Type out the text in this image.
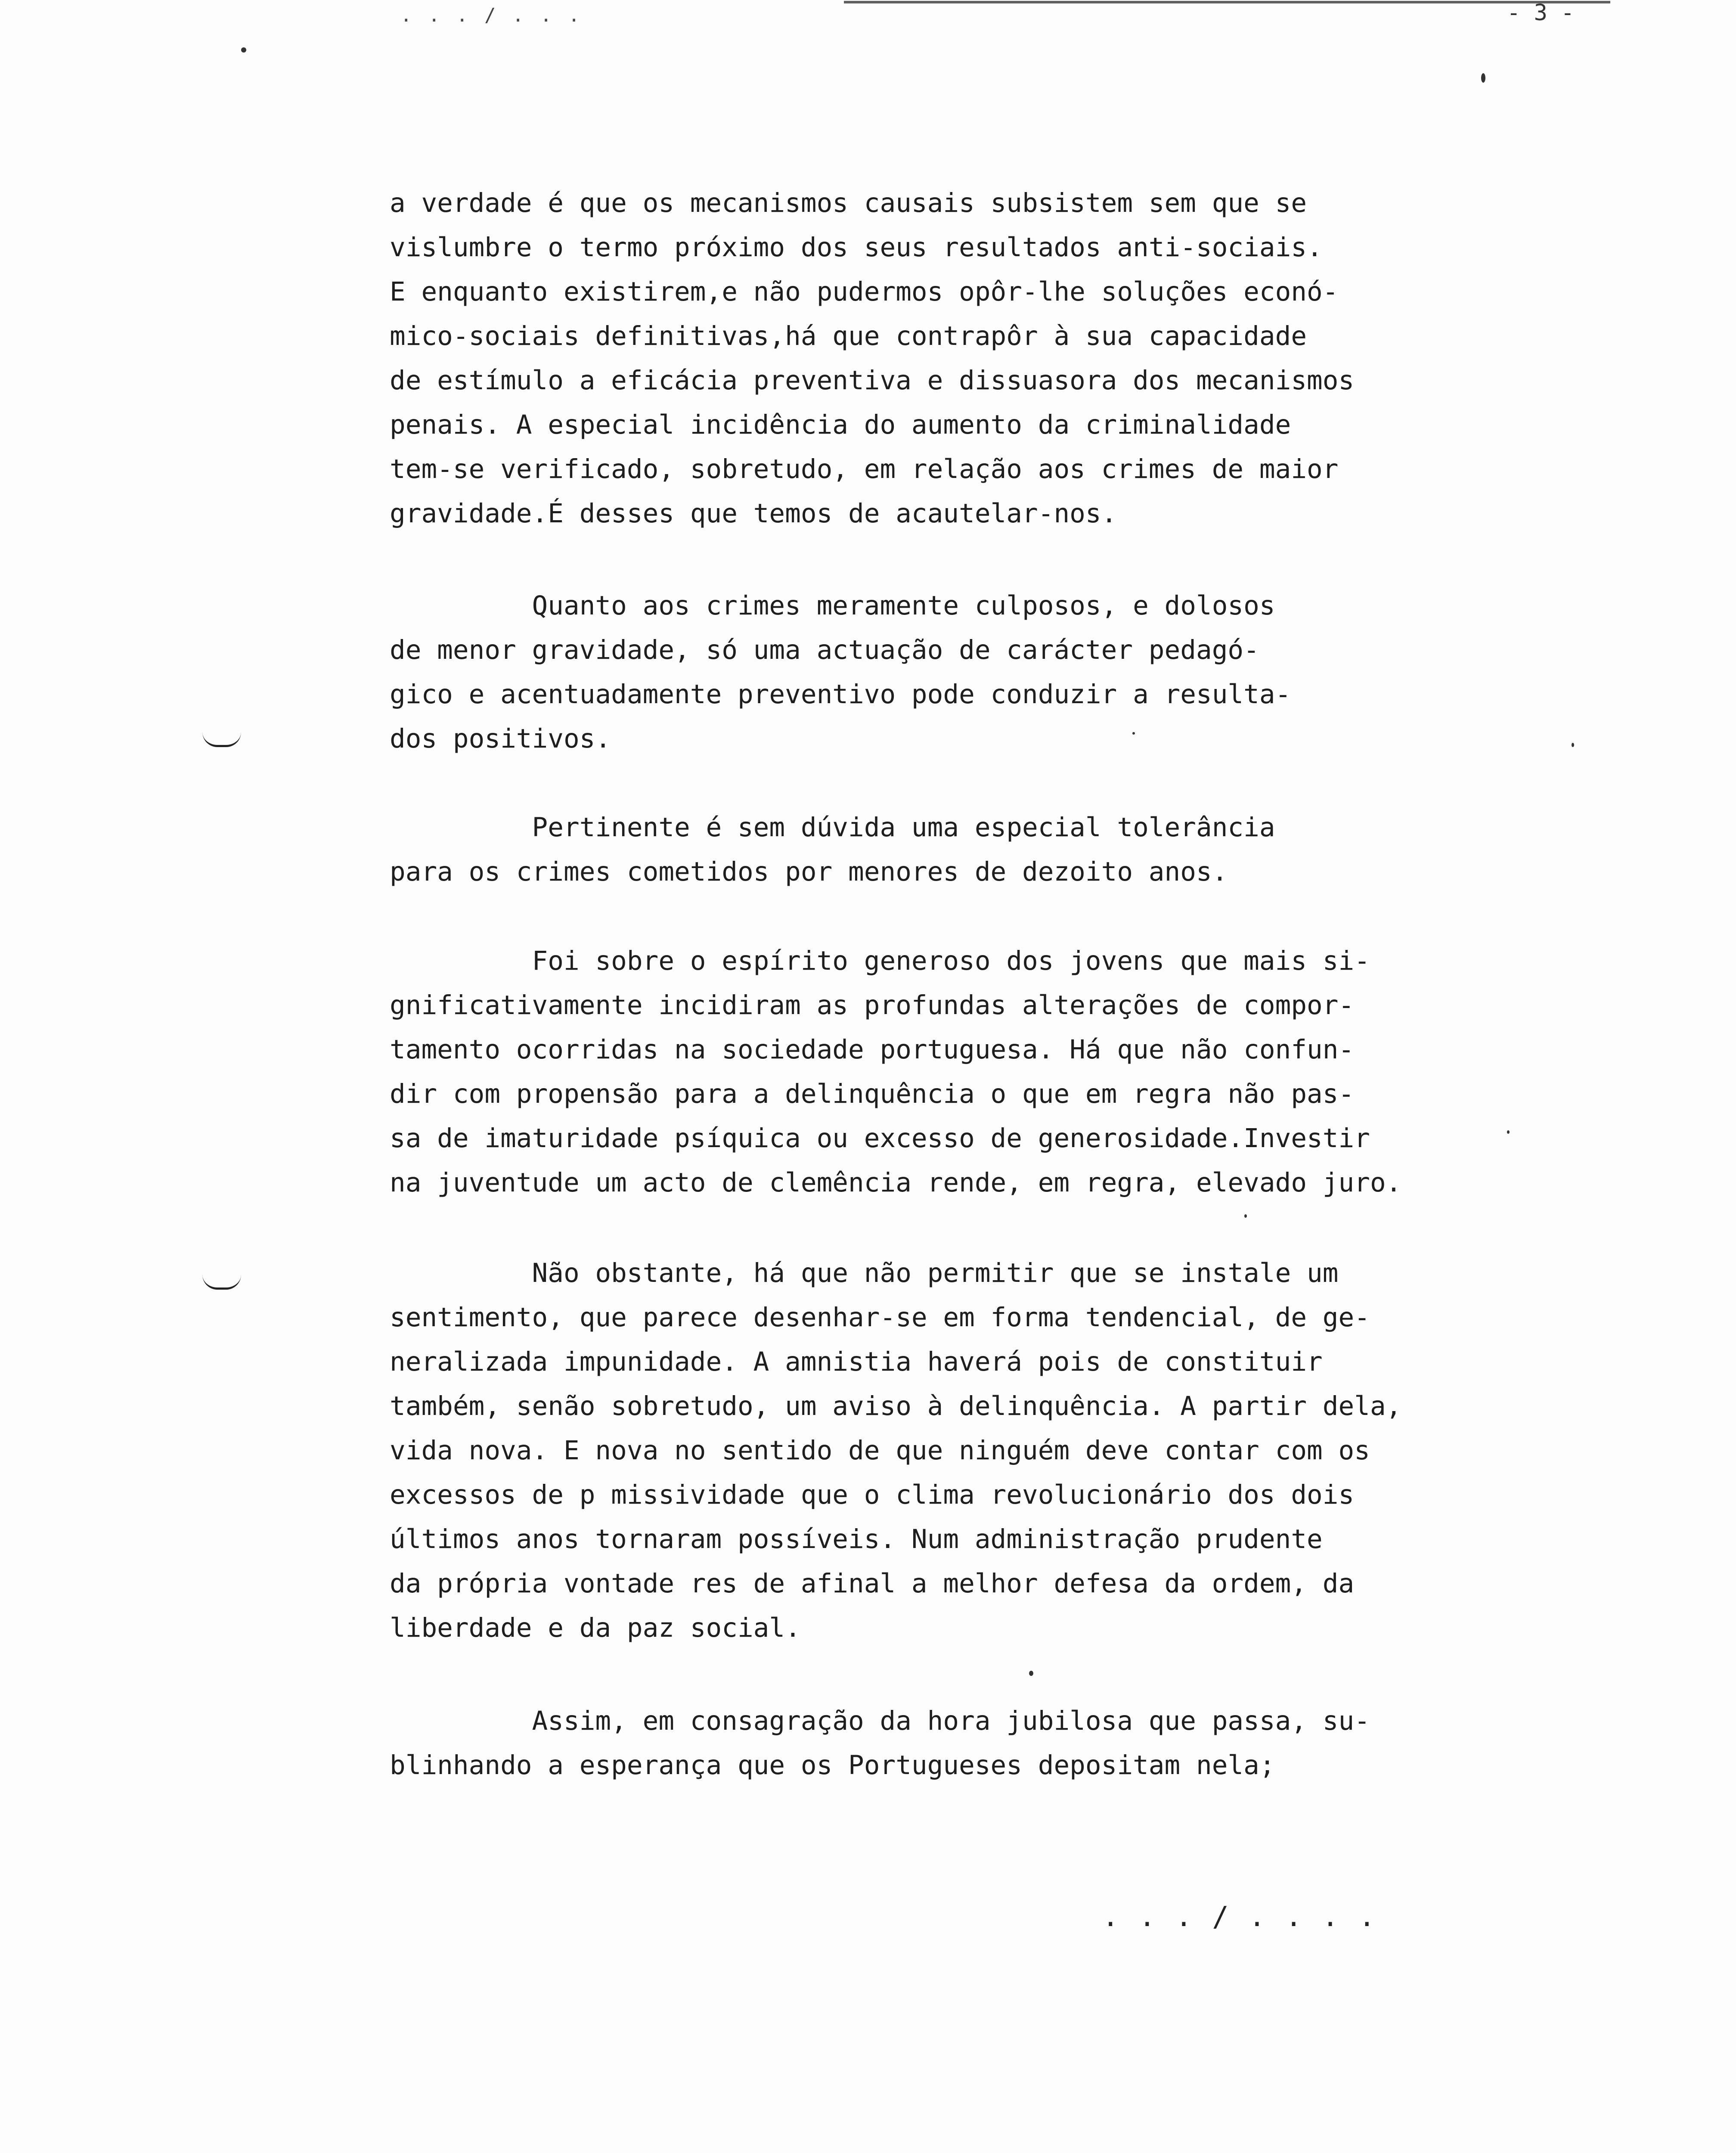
. . . / . . .	- 3 -
a verdade é que os mecanismos causais subsistem sem que se
vislumbre o termo próximo dos seus resultados anti-sociais.
E enquanto existirem,e não pudermos opôr-lhe soluções econó-
mico-sociais definitivas,há que contrapôr à sua capacidade
de estímulo a eficácia preventiva e dissuasora dos mecanismos
penais. A especial incidência do aumento da criminalidade
tem-se verificado, sobretudo, em relação aos crimes de maior
gravidade.É desses que temos de acautelar-nos.
Quanto aos crimes meramente culposos, e dolosos
de menor gravidade, só uma actuação de carácter pedagó-
gico e acentuadamente preventivo pode conduzir a resulta-
dos positivos.
Pertinente é sem dúvida uma especial tolerância
para os crimes cometidos por menores de dezoito anos.
Foi sobre o espírito generoso dos jovens que mais si-
gnificativamente incidiram as profundas alterações de compor-
tamento ocorridas na sociedade portuguesa. Há que não confun-
dir com propensão para a delinquência o que em regra não pas-
sa de imaturidade psíquica ou excesso de generosidade.Investir
na juventude um acto de clemência rende, em regra, elevado juro.
Não obstante, há que não permitir que se instale um
sentimento, que parece desenhar-se em forma tendencial, de ge-
neralizada impunidade. A amnistia haverá pois de constituir
também, senão sobretudo, um aviso à delinquência. A partir dela,
vida nova. E nova no sentido de que ninguém deve contar com os
excessos de p missividade que o clima revolucionário dos dois
últimos anos tornaram possíveis. Num administração prudente
da própria vontade res de afinal a melhor defesa da ordem, da
liberdade e da paz social.
Assim, em consagração da hora jubilosa que passa, su-
blinhando a esperança que os Portugueses depositam nela;
. . . / . . . .
